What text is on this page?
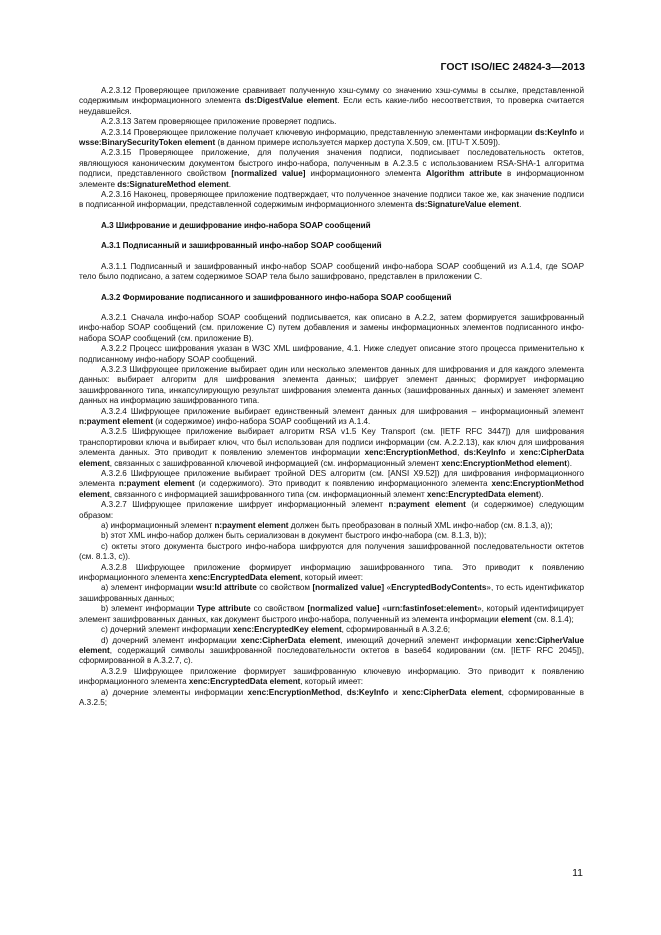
ГОСТ ISO/IEC 24824-3—2013

А.2.3.12 Проверяющее приложение сравнивает полученную хэш-сумму со значению хэш-суммы в ссылке, представленной содержимым информационного элемента ds:DigestValue element. Если есть какие-либо несоответствия, то проверка считается неудавшейся.

А.2.3.13 Затем проверяющее приложение проверяет подпись.

А.2.3.14 Проверяющее приложение получает ключевую информацию, представленную элементами информации ds:KeyInfo и wsse:BinarySecurityToken element (в данном примере используется маркер доступа X.509, см. [ITU-T X.509]).

А.2.3.15 Проверяющее приложение, для получения значения подписи, подписывает последовательность октетов, являющуюся каноническим документом быстрого инфо-набора, полученным в А.2.3.5 с использованием RSA-SHA-1 алгоритма подписи, представленного свойством [normalized value] информационного элемента Algorithm attribute в информационном элементе ds:SignatureMethod element.

А.2.3.16 Наконец, проверяющее приложение подтверждает, что полученное значение подписи такое же, как значение подписи в подписанной информации, представленной содержимым информационного элемента ds:SignatureValue element.

А.3 Шифрование и дешифрование инфо-набора SOAP сообщений

А.3.1 Подписанный и зашифрованный инфо-набор SOAP сообщений

А.3.1.1 Подписанный и зашифрованный инфо-набор SOAP сообщений инфо-набора SOAP сообщений из А.1.4, где SOAP тело было подписано, а затем содержимое SOAP тела было зашифровано, представлен в приложении С.

А.3.2 Формирование подписанного и зашифрованного инфо-набора SOAP сообщений

А.3.2.1 Сначала инфо-набор SOAP сообщений подписывается, как описано в А.2.2, затем формируется зашифрованный инфо-набор SOAP сообщений (см. приложение С) путем добавления и замены информационных элементов подписанного инфо-набора SOAP сообщений (см. приложение В).

А.3.2.2 Процесс шифрования указан в W3C XML шифрование, 4.1. Ниже следует описание этого процесса применительно к подписанному инфо-набору SOAP сообщений.

А.3.2.3 Шифрующее приложение выбирает один или несколько элементов данных для шифрования и для каждого элемента данных: выбирает алгоритм для шифрования элемента данных; шифрует элемент данных; формирует информацию зашифрованного типа, инкапсулирующую результат шифрования элемента данных (зашифрованных данных) и заменяет элемент данных на информацию зашифрованного типа.

А.3.2.4 Шифрующее приложение выбирает единственный элемент данных для шифрования – информационный элемент n:payment element (и содержимое) инфо-набора SOAP сообщений из А.1.4.

А.3.2.5 Шифрующее приложение выбирает алгоритм RSA v1.5 Key Transport (см. [IETF RFC 3447]) для шифрования транспортировки ключа и выбирает ключ, что был использован для подписи информации (см. А.2.2.13), как ключ для шифрования элемента данных. Это приводит к появлению элементов информации xenc:EncryptionMethod, ds:KeyInfo и xenc:CipherData element, связанных с зашифрованной ключевой информацией (см. информационный элемент xenc:EncryptionMethod element).

А.3.2.6 Шифрующее приложение выбирает тройной DES алгоритм (см. [ANSI X9.52]) для шифрования информационного элемента n:payment element (и содержимого). Это приводит к появлению информационного элемента xenc:EncryptionMethod element, связанного с информацией зашифрованного типа (см. информационный элемент xenc:EncryptedData element).

А.3.2.7 Шифрующее приложение шифрует информационный элемент n:payment element (и содержимое) следующим образом:

а) информационный элемент n:payment element должен быть преобразован в полный XML инфо-набор (см. 8.1.3, а));

b) этот XML инфо-набор должен быть сериализован в документ быстрого инфо-набора (см. 8.1.3, b));

с) октеты этого документа быстрого инфо-набора шифруются для получения зашифрованной последовательности октетов (см. 8.1.3, с)).

А.3.2.8 Шифрующее приложение формирует информацию зашифрованного типа. Это приводит к появлению информационного элемента xenc:EncryptedData element, который имеет:

а) элемент информации wsu:Id attribute со свойством [normalized value] «EncryptedBodyContents», то есть идентификатор зашифрованных данных;

b) элемент информации Type attribute со свойством [normalized value] «urn:fastinfoset:element», который идентифицирует элемент зашифрованных данных, как документ быстрого инфо-набора, полученный из элемента информации element (см. 8.1.4);

с) дочерний элемент информации xenc:EncryptedKey element, сформированный в А.3.2.6;

d) дочерний элемент информации xenc:CipherData element, имеющий дочерний элемент информации xenc:CipherValue element, содержащий символы зашифрованной последовательности октетов в base64 кодировании (см. [IETF RFC 2045]), сформированной в А.3.2.7, с).

А.3.2.9 Шифрующее приложение формирует зашифрованную ключевую информацию. Это приводит к появлению информационного элемента xenc:EncryptedData element, который имеет:

а) дочерние элементы информации xenc:EncryptionMethod, ds:KeyInfo и xenc:CipherData element, сформированные в А.3.2.5;

11
